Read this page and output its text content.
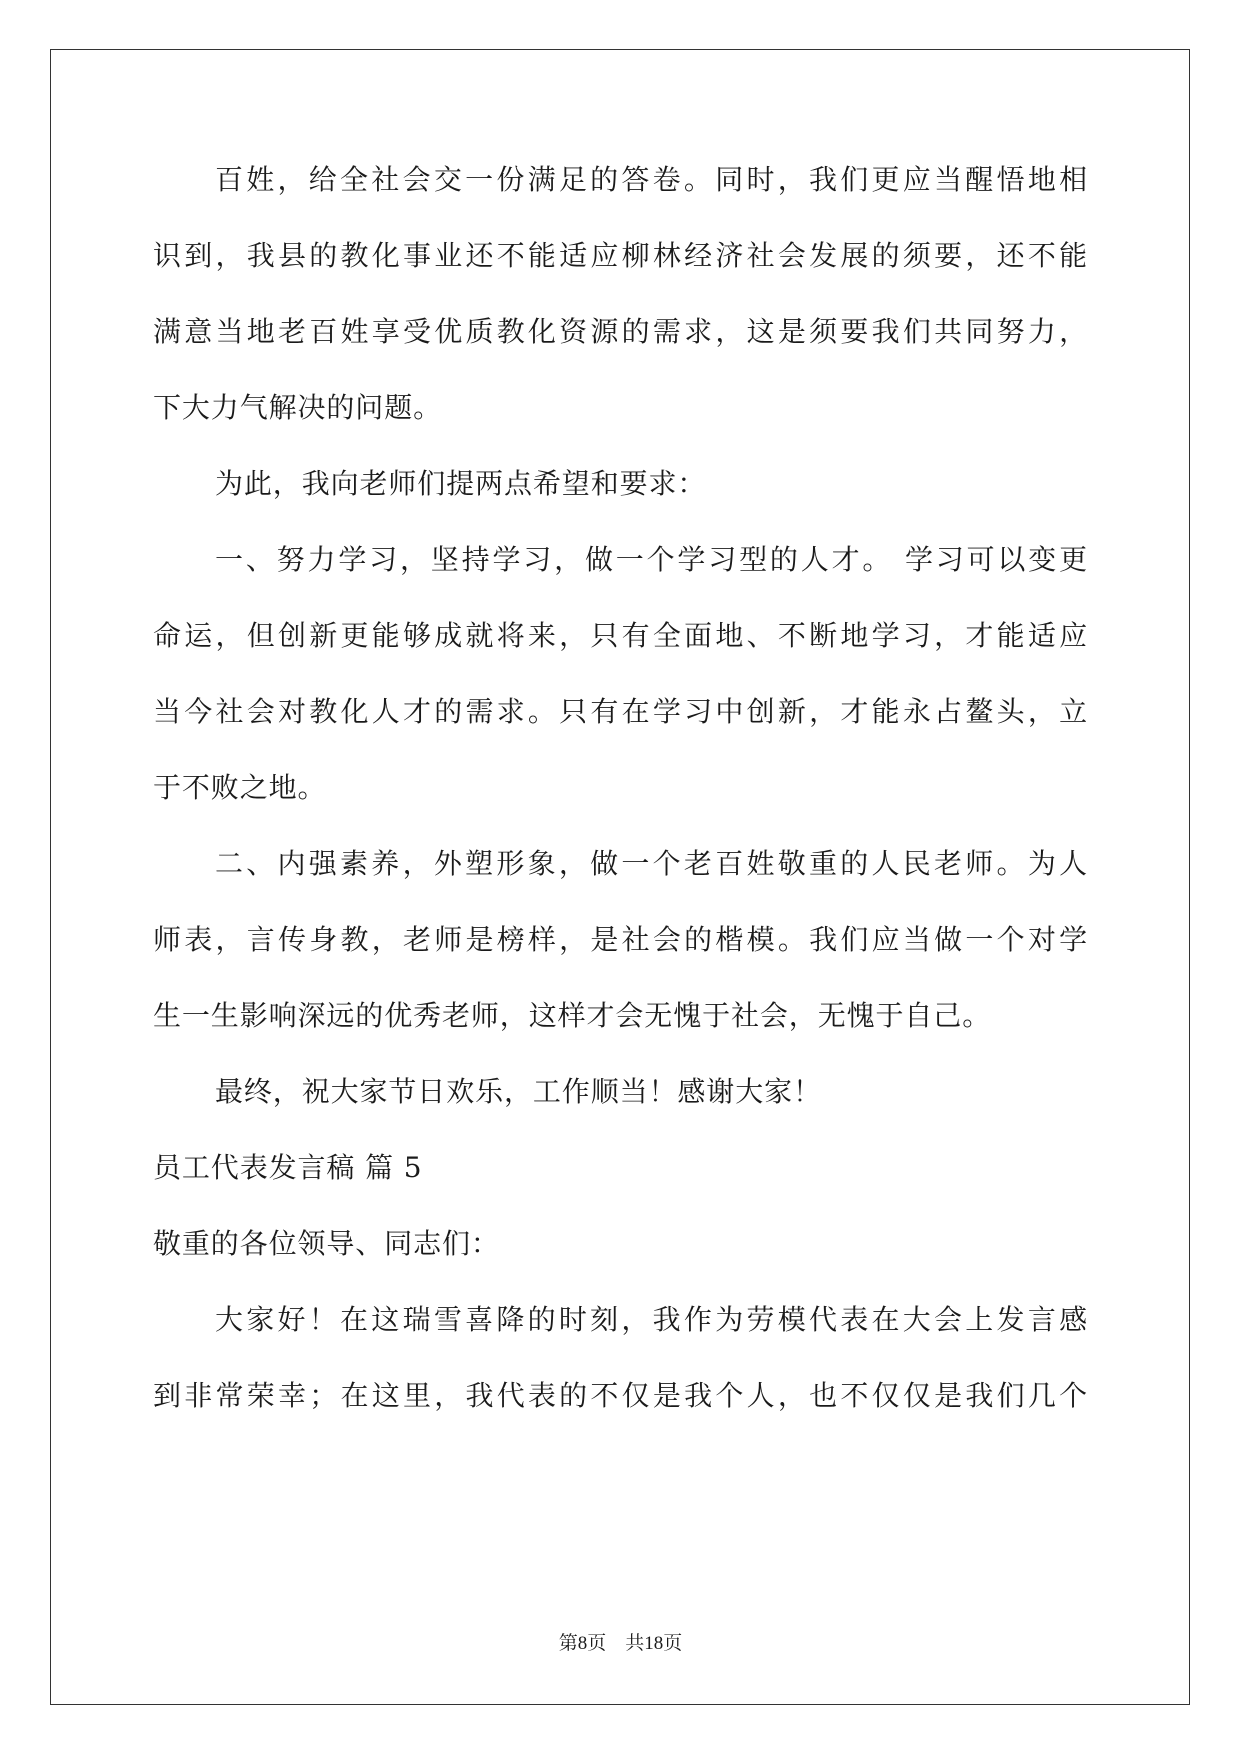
百姓，给全社会交一份满足的答卷。同时，我们更应当醒悟地相
识到，我县的教化事业还不能适应柳林经济社会发展的须要，还不能
满意当地老百姓享受优质教化资源的需求，这是须要我们共同努力，
下大力气解决的问题。
为此，我向老师们提两点希望和要求：
一、努力学习，坚持学习，做一个学习型的人才。 学习可以变更
命运，但创新更能够成就将来，只有全面地、不断地学习，才能适应
当今社会对教化人才的需求。只有在学习中创新，才能永占鳌头，立
于不败之地。
二、内强素养，外塑形象，做一个老百姓敬重的人民老师。为人
师表，言传身教，老师是榜样，是社会的楷模。我们应当做一个对学
生一生影响深远的优秀老师，这样才会无愧于社会，无愧于自己。
最终，祝大家节日欢乐，工作顺当！感谢大家！
员工代表发言稿 篇 5
敬重的各位领导、同志们：
大家好！在这瑞雪喜降的时刻，我作为劳模代表在大会上发言感
到非常荣幸；在这里，我代表的不仅是我个人，也不仅仅是我们几个
第8页 共18页
